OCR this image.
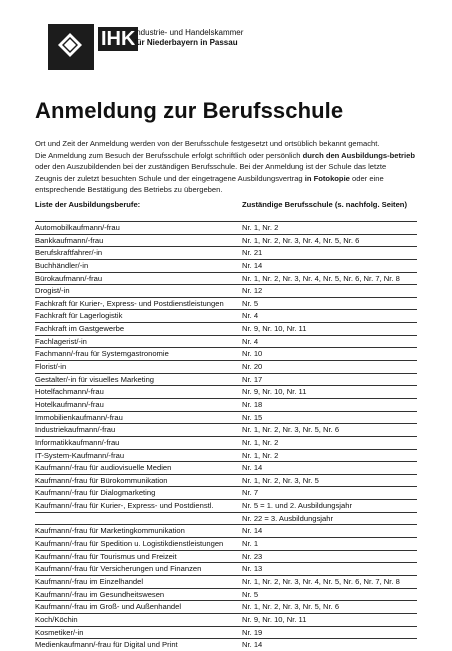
IHK
Industrie- und Handelskammer
für Niederbayern in Passau
Anmeldung zur Berufsschule
Ort und Zeit der Anmeldung werden von der Berufsschule festgesetzt und ortsüblich bekannt gemacht.
Die Anmeldung zum Besuch der Berufsschule erfolgt schriftlich oder persönlich durch den Ausbildungs-betrieb oder den Auszubildenden bei der zuständigen Berufsschule. Bei der Anmeldung ist der Schule das letzte Zeugnis der zuletzt besuchten Schule und der eingetragene Ausbildungsvertrag in Fotokopie oder eine entsprechende Bestätigung des Betriebs zu übergeben.
Liste der Ausbildungsberufe:	Zuständige Berufsschule (s. nachfolg. Seiten)
Automobilkaufmann/-frau	Nr. 1, Nr. 2
Bankkaufmann/-frau	Nr. 1, Nr. 2, Nr. 3, Nr. 4, Nr. 5, Nr. 6
Berufskraftfahrer/-in	Nr. 21
Buchhändler/-in	Nr. 14
Bürokaufmann/-frau	Nr. 1, Nr. 2, Nr. 3, Nr. 4, Nr. 5, Nr. 6, Nr. 7, Nr. 8
Drogist/-in	Nr. 12
Fachkraft für Kurier-, Express- und Postdienstleistungen Nr. 5
Fachkraft für Lagerlogistik	Nr. 4
Fachkraft im Gastgewerbe	Nr. 9, Nr. 10, Nr. 11
Fachlagerist/-in	Nr. 4
Fachmann/-frau für Systemgastronomie	Nr. 10
Florist/-in	Nr. 20
Gestalter/-in für visuelles Marketing	Nr. 17
Hotelfachmann/-frau	Nr. 9, Nr. 10, Nr. 11
Hotelkaufmann/-frau	Nr. 18
Immobilienkaufmann/-frau	Nr. 15
Industriekaufmann/-frau	Nr. 1, Nr. 2, Nr. 3, Nr. 5, Nr. 6
Informatikkaufmann/-frau	Nr. 1, Nr. 2
IT-System-Kaufmann/-frau	Nr. 1, Nr. 2
Kaufmann/-frau für audiovisuelle Medien	Nr. 14
Kaufmann/-frau für Bürokommunikation	Nr. 1, Nr. 2, Nr. 3, Nr. 5
Kaufmann/-frau für Dialogmarketing	Nr. 7
Kaufmann/-frau für Kurier-, Express- und Postdienstl.	Nr. 5 = 1. und 2. Ausbildungsjahr
Nr. 22 = 3. Ausbildungsjahr
Kaufmann/-frau für Marketingkommunikation	Nr. 14
Kaufmann/-frau für Spedition u. Logistikdienstleistungen Nr. 1
Kaufmann/-frau für Tourismus und Freizeit	Nr. 23
Kaufmann/-frau für Versicherungen und Finanzen	Nr. 13
Kaufmann/-frau im Einzelhandel	Nr. 1, Nr. 2, Nr. 3, Nr. 4, Nr. 5, Nr. 6, Nr. 7, Nr. 8
Kaufmann/-frau im Gesundheitswesen	Nr. 5
Kaufmann/-frau im Groß- und Außenhandel	Nr. 1, Nr. 2, Nr. 3, Nr. 5, Nr. 6
Koch/Köchin	Nr. 9, Nr. 10, Nr. 11
Kosmetiker/-in	Nr. 19
Medienkaufmann/-frau für Digital und Print	Nr. 14
